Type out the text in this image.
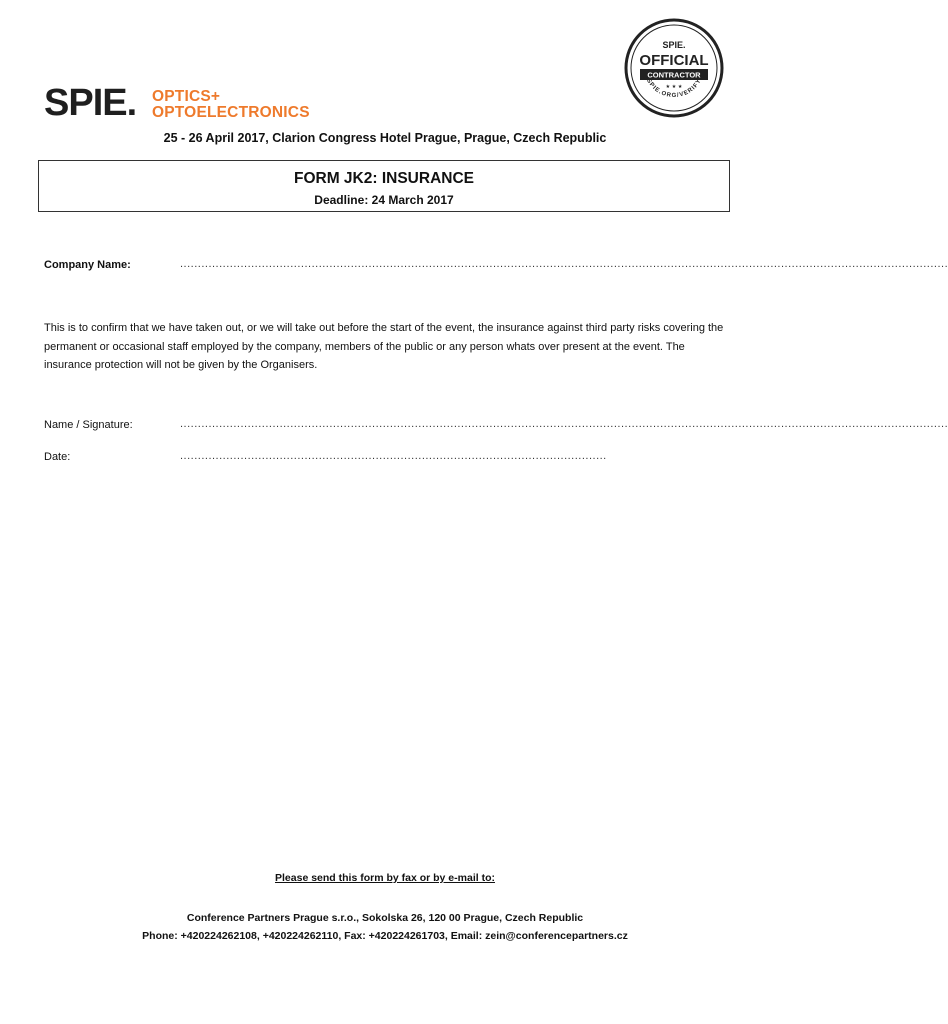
SPIE. OPTICS+
OPTOELECTRONICS
SPIE.
OFFICIAL
CONTRACTOR
★ ★ ★
SPIE.ORG/VERIFY
25 - 26 April 2017, Clarion Congress Hotel Prague, Prague, Czech Republic
FORM JK2: INSURANCE
Deadline: 24 March 2017
Company Name:	........................................................................................................................................................................................................................
This is to confirm that we have taken out, or we will take out before the start of the event, the insurance against third party risks covering the permanent or occasional staff employed by the company, members of the public or any person whats over present at the event. The insurance protection will not be given by the Organisers.
Name / Signature:	........................................................................................................................................................................................................................
Date:	........................................................................................................................
Please send this form by fax or by e-mail to:
Conference Partners Prague s.r.o., Sokolska 26, 120 00 Prague, Czech Republic
Phone: +420224262108, +420224262110, Fax: +420224261703, Email: zein@conferencepartners.cz
